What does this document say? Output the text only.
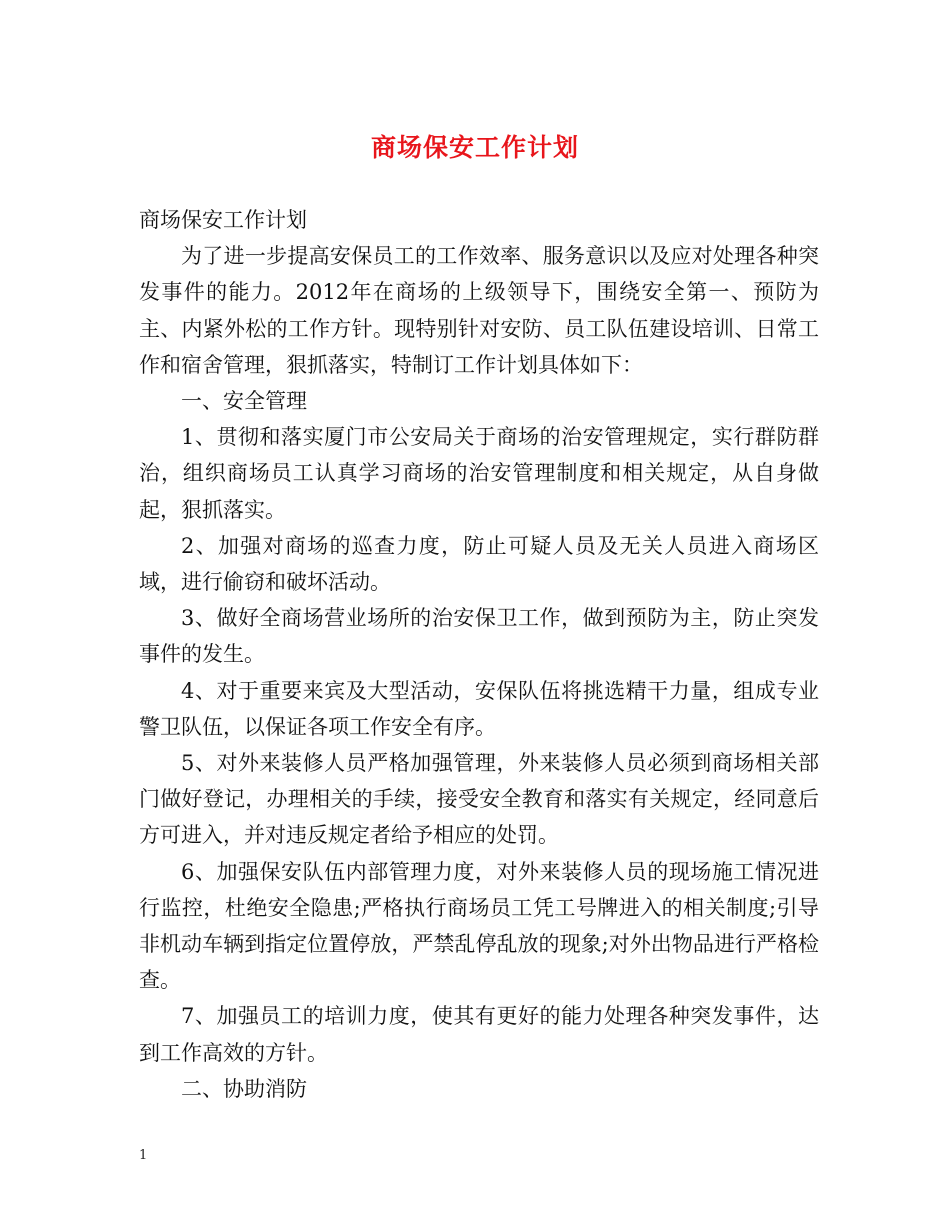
商场保安工作计划

商场保安工作计划

为了进一步提高安保员工的工作效率、服务意识以及应对处理各种突发事件的能力。2012年在商场的上级领导下，围绕安全第一、预防为主、内紧外松的工作方针。现特别针对安防、员工队伍建设培训、日常工作和宿舍管理，狠抓落实，特制订工作计划具体如下：

一、安全管理

1、贯彻和落实厦门市公安局关于商场的治安管理规定，实行群防群治，组织商场员工认真学习商场的治安管理制度和相关规定，从自身做起，狠抓落实。

2、加强对商场的巡查力度，防止可疑人员及无关人员进入商场区域，进行偷窃和破坏活动。

3、做好全商场营业场所的治安保卫工作，做到预防为主，防止突发事件的发生。

4、对于重要来宾及大型活动，安保队伍将挑选精干力量，组成专业警卫队伍，以保证各项工作安全有序。

5、对外来装修人员严格加强管理，外来装修人员必须到商场相关部门做好登记，办理相关的手续，接受安全教育和落实有关规定，经同意后方可进入，并对违反规定者给予相应的处罚。

6、加强保安队伍内部管理力度，对外来装修人员的现场施工情况进行监控，杜绝安全隐患;严格执行商场员工凭工号牌进入的相关制度;引导非机动车辆到指定位置停放，严禁乱停乱放的现象;对外出物品进行严格检查。

7、加强员工的培训力度，使其有更好的能力处理各种突发事件，达到工作高效的方针。

二、协助消防

1
